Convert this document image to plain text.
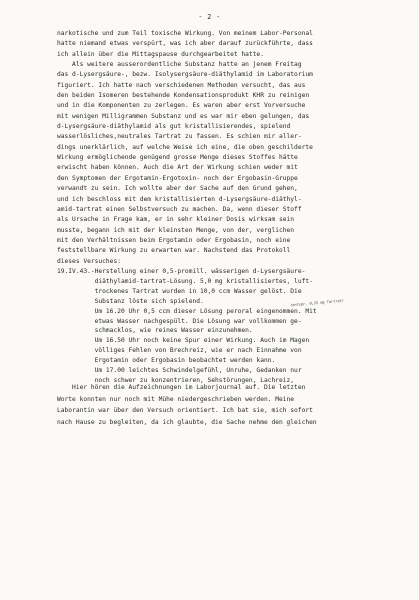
- 2 -
narkotische und zum Teil toxische Wirkung. Von meinem Labor-Personal
hatte niemand etwas verspürt, was ich aber darauf zurückführte, dass
ich allein über die Mittagspause durchgearbeitet hatte.
Als weitere ausserordentliche Substanz hatte an jenem Freitag
das d-Lysergsäure-, bezw. Isolysergsäure-diäthylamid im Laboratorium
figuriert. Ich hatte nach verschiedenen Methoden versucht, das aus
den beiden Isomeren bestehende Kondensationsprodukt KHR zu reinigen
und in die Komponenten zu zerlegen. Es waren aber erst Vorversuche
mit wenigen Milligrammen Substanz und es war mir eben gelungen, das
d-Lysergsäure-diäthylamid als gut kristallisierendes, spielend
wasserlösliches,neutrales Tartrat zu fassen. Es schien mir aller-
dings unerklärlich, auf welche Weise ich eine, die oben geschilderte
Wirkung ermöglichende genügend grosse Menge dieses Stoffes hätte
erwischt haben können. Auch die Art der Wirkung schien weder mit
den Symptomen der Ergotamin-Ergotoxin- noch der Ergobasin-Gruppe
verwandt zu sein. Ich wollte aber der Sache auf den Grund gehen,
und ich beschloss mit dem kristallisierten d-Lysergsäure-diäthyl-
amid-tartrat einen Selbstversuch zu machen. Da, wenn dieser Stoff
als Ursache in Frage kam, er in sehr kleiner Dosis wirksam sein
musste, begann ich mit der kleinsten Menge, von der, verglichen
mit den Verhältnissen beim Ergotamin oder Ergobasin, noch eine
feststellbare Wirkung zu erwarten war. Nachstend das Protokoll
dieses Versuches:
19.IV.43.-Herstellung einer 0,5-promill. wässerigen d-Lysergsäure-
diäthylamid-tartrat-Lösung. 5,0 mg kristallisiertes, luft-
trockenes Tartrat wurden in 10,0 ccm Wasser gelöst. Die
Substanz löste sich spielend.
Um 16.20 Uhr 0,5 ccm dieser Lösung peroral eingenommen. Mit
etwas Wasser nachgespült. Die Lösung war vollkommen ge-
schmacklos, wie reines Wasser einzunehmen.
Um 16.50 Uhr noch keine Spur einer Wirkung. Auch im Magen
völliges Fehlen von Brechreiz, wie er nach Einnahme von
Ergotamin oder Ergobasin beobachtet werden kann.
Um 17.00 leichtes Schwindelgefühl, Unruhe, Gedanken nur
noch schwer zu konzentrieren, Sehstörungen, Lachreiz,
(entspr. 0,25 mg Tartrat)
Hier hören die Aufzeichnungen im Laborjournal auf. Die letzten
Worte konnten nur noch mit Mühe niedergeschrieben werden. Meine
Laborantin war über den Versuch orientiert. Ich bat sie, mich sofort
nach Hause zu begleiten, da ich glaubte, die Sache nehme den gleichen
